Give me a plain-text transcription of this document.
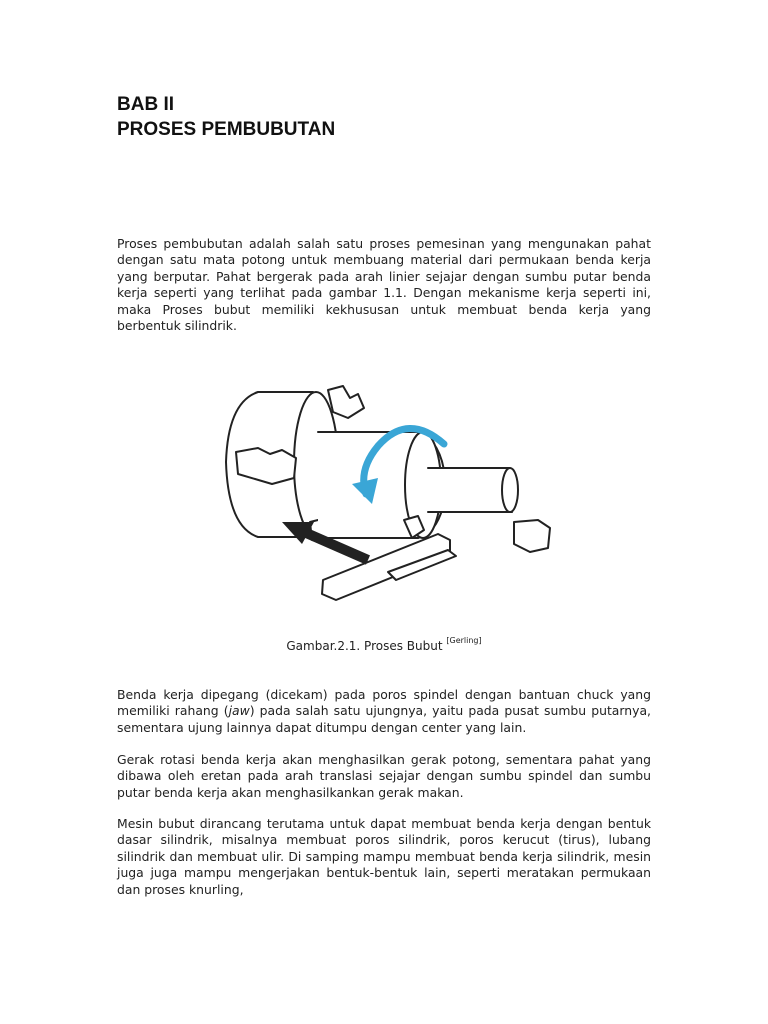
BAB II
PROSES PEMBUBUTAN

Proses pembubutan adalah salah satu proses pemesinan yang mengunakan pahat dengan satu mata potong untuk membuang material dari permukaan benda kerja yang berputar. Pahat bergerak pada arah linier sejajar dengan sumbu putar benda kerja seperti yang terlihat pada gambar 1.1. Dengan mekanisme kerja seperti ini, maka Proses bubut memiliki kekhususan untuk membuat benda kerja yang berbentuk silindrik.

Gambar.2.1. Proses Bubut [Gerling]

Benda kerja dipegang (dicekam) pada poros spindel dengan bantuan chuck yang memiliki rahang (jaw) pada salah satu ujungnya, yaitu pada pusat sumbu putarnya, sementara ujung lainnya dapat ditumpu dengan center yang lain.

Gerak rotasi benda kerja akan menghasilkan gerak potong, sementara pahat yang dibawa oleh eretan pada arah translasi sejajar dengan sumbu spindel dan sumbu putar benda kerja akan menghasilkankan gerak makan.

Mesin bubut dirancang terutama untuk dapat membuat benda kerja dengan bentuk dasar silindrik, misalnya membuat poros silindrik, poros kerucut (tirus), lubang silindrik dan membuat ulir. Di samping mampu membuat benda kerja silindrik, mesin juga juga mampu mengerjakan bentuk-bentuk lain, seperti meratakan permukaan dan proses knurling,
